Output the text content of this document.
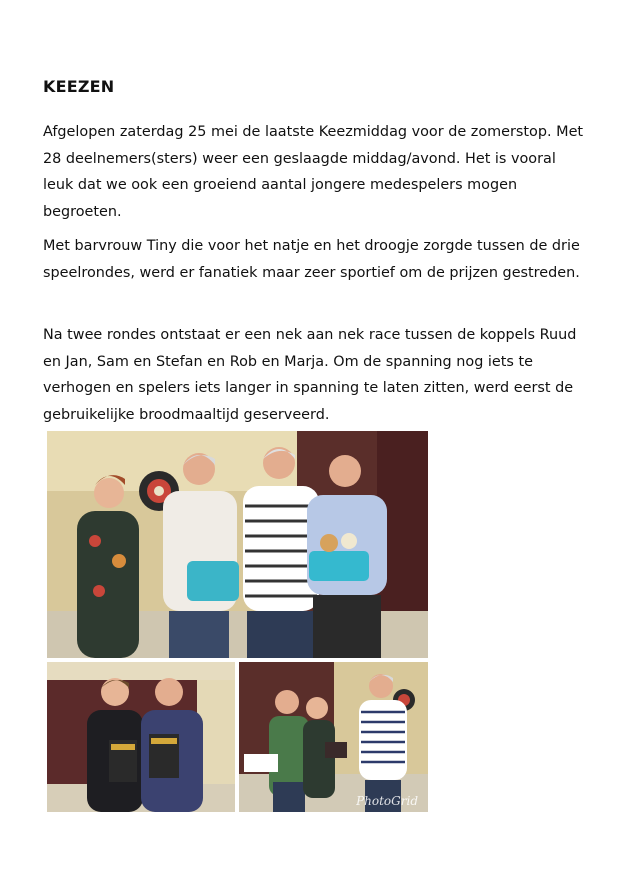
KEEZEN

Afgelopen zaterdag 25 mei de laatste Keezmiddag voor de zomerstop. Met 28 deelnemers(sters) weer een geslaagde middag/avond. Het is vooral leuk dat we ook een groeiend aantal jongere medespelers mogen begroeten.

Met barvrouw Tiny die voor het natje en het droogje zorgde tussen de drie speelrondes, werd er fanatiek maar zeer sportief om de prijzen gestreden.

Na twee rondes ontstaat er een nek aan nek race tussen de koppels Ruud en Jan, Sam en Stefan en Rob en Marja. Om de spanning nog iets te verhogen en spelers iets langer in spanning te laten zitten, werd eerst de gebruikelijke broodmaaltijd geserveerd.

PhotoGrid
